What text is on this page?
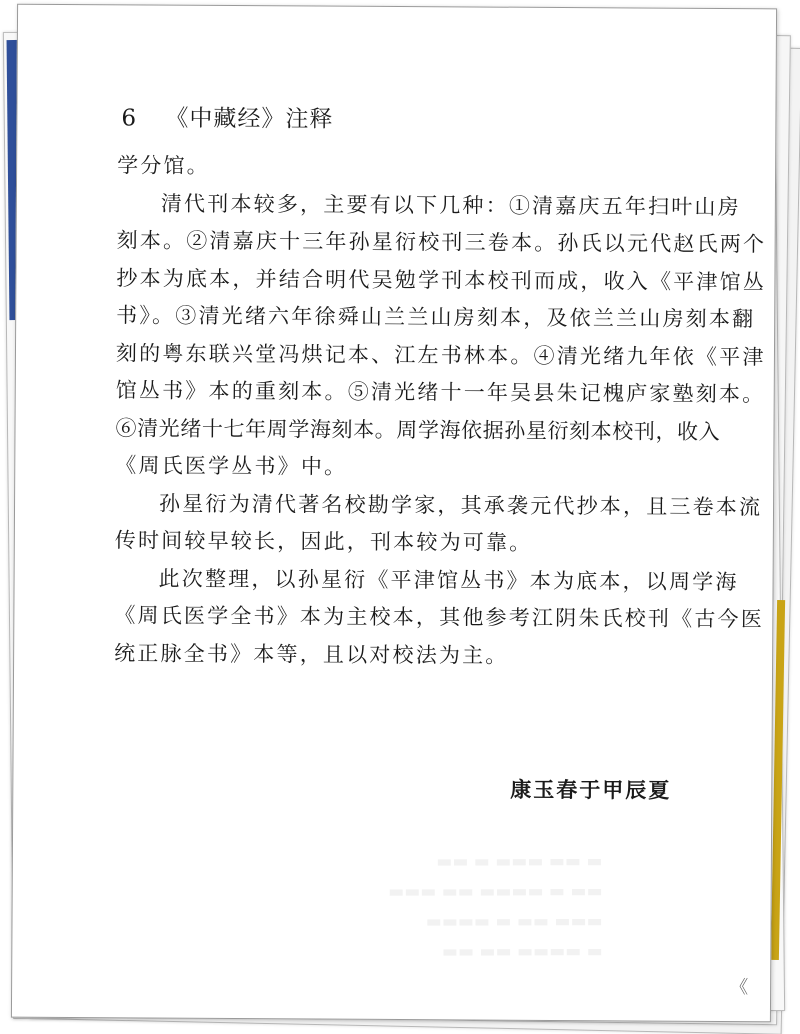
6 《中藏经》注释
学分馆。
清代刊本较多，主要有以下几种：①清嘉庆五年扫叶山房
刻本。②清嘉庆十三年孙星衍校刊三卷本。孙氏以元代赵氏两个
抄本为底本，并结合明代吴勉学刊本校刊而成，收入《平津馆丛
书》。③清光绪六年徐舜山兰兰山房刻本，及依兰兰山房刻本翻
刻的粤东联兴堂冯烘记本、江左书林本。④清光绪九年依《平津
馆丛书》本的重刻本。⑤清光绪十一年吴县朱记槐庐家塾刻本。
⑥清光绪十七年周学海刻本。周学海依据孙星衍刻本校刊，收入
《周氏医学丛书》中。
孙星衍为清代著名校勘学家，其承袭元代抄本，且三卷本流
传时间较早较长，因此，刊本较为可靠。
此次整理，以孙星衍《平津馆丛书》本为底本，以周学海
《周氏医学全书》本为主校本，其他参考江阴朱氏校刊《古今医
统正脉全书》本等，且以对校法为主。
康玉春于甲辰夏
▬ ▬▬ ▬▬▬ ▬ ▬▬
▬▬ ▬ ▬▬▬▬ ▬▬ ▬▬▬
▬▬▬ ▬▬ ▬ ▬▬▬▬
▬ ▬▬▬▬ ▬▬ ▬▬
《
